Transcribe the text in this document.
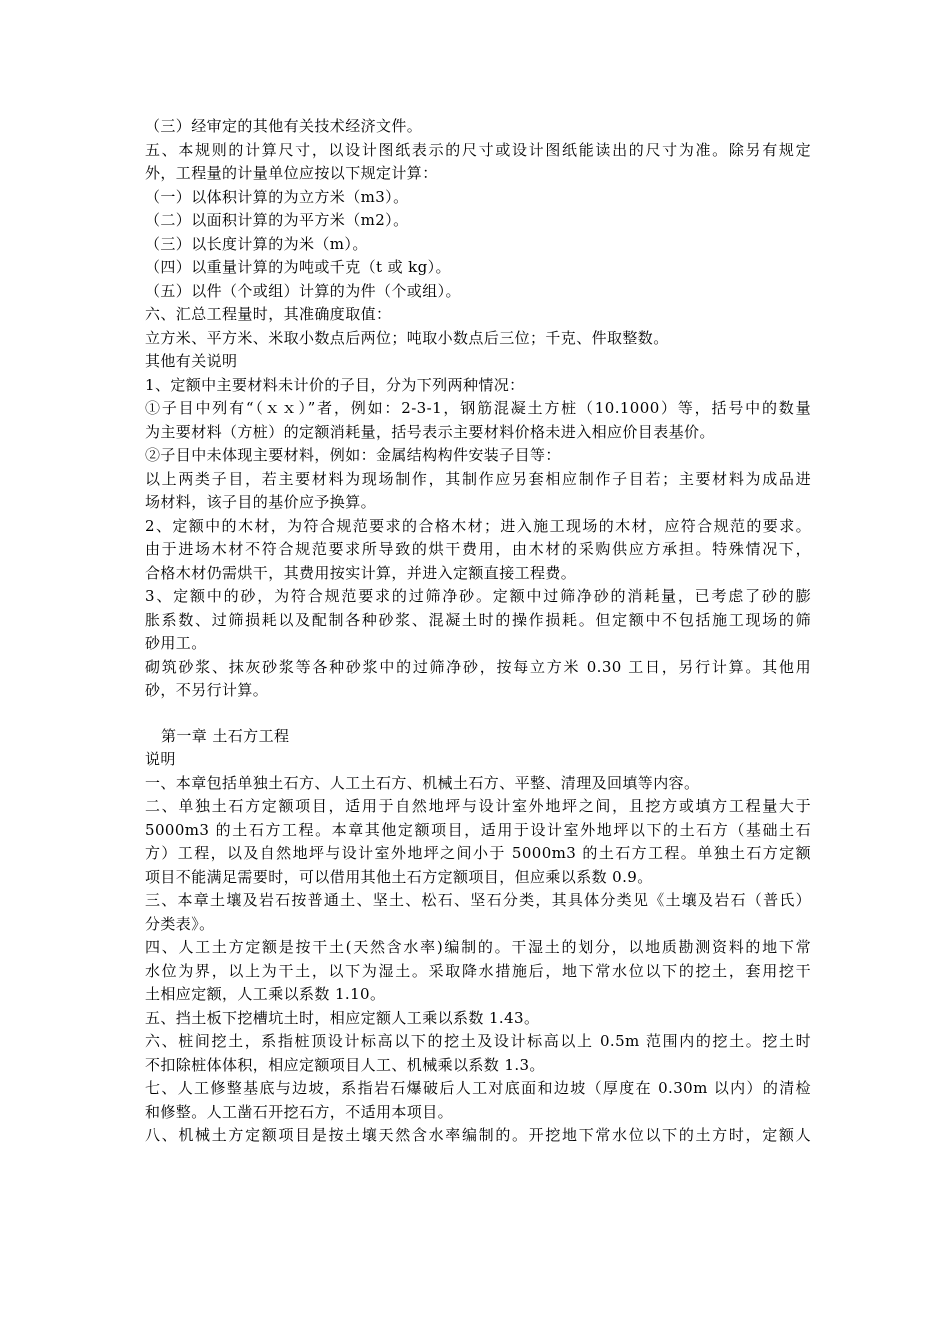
（三）经审定的其他有关技术经济文件。
五、本规则的计算尺寸，以设计图纸表示的尺寸或设计图纸能读出的尺寸为准。除另有规定
外，工程量的计量单位应按以下规定计算：
（一）以体积计算的为立方米（m3）。
（二）以面积计算的为平方米（m2）。
（三）以长度计算的为米（m）。
（四）以重量计算的为吨或千克（t 或 kg）。
（五）以件（个或组）计算的为件（个或组）。
六、汇总工程量时，其准确度取值：
立方米、平方米、米取小数点后两位；吨取小数点后三位；千克、件取整数。
其他有关说明
1、定额中主要材料未计价的子目，分为下列两种情况：
①子目中列有“（ｘｘ）”者，例如：2-3-1，钢筋混凝土方桩（10.1000）等，括号中的数量
为主要材料（方桩）的定额消耗量，括号表示主要材料价格未进入相应价目表基价。
②子目中未体现主要材料，例如：金属结构构件安装子目等：
以上两类子目，若主要材料为现场制作，其制作应另套相应制作子目若；主要材料为成品进
场材料，该子目的基价应予换算。
2、定额中的木材，为符合规范要求的合格木材；进入施工现场的木材，应符合规范的要求。
由于进场木材不符合规范要求所导致的烘干费用，由木材的采购供应方承担。特殊情况下，
合格木材仍需烘干，其费用按实计算，并进入定额直接工程费。
3、定额中的砂，为符合规范要求的过筛净砂。定额中过筛净砂的消耗量，已考虑了砂的膨
胀系数、过筛损耗以及配制各种砂浆、混凝土时的操作损耗。但定额中不包括施工现场的筛
砂用工。
砌筑砂浆、抹灰砂浆等各种砂浆中的过筛净砂，按每立方米 0.30 工日，另行计算。其他用
砂，不另行计算。
第一章 土石方工程
说明
一、本章包括单独土石方、人工土石方、机械土石方、平整、清理及回填等内容。
二、单独土石方定额项目，适用于自然地坪与设计室外地坪之间，且挖方或填方工程量大于
5000m3 的土石方工程。本章其他定额项目，适用于设计室外地坪以下的土石方（基础土石
方）工程，以及自然地坪与设计室外地坪之间小于 5000m3 的土石方工程。单独土石方定额
项目不能满足需要时，可以借用其他土石方定额项目，但应乘以系数 0.9。
三、本章土壤及岩石按普通土、坚土、松石、坚石分类，其具体分类见《土壤及岩石（普氏）
分类表》。
四、人工土方定额是按干土(天然含水率)编制的。干湿土的划分，以地质勘测资料的地下常
水位为界，以上为干土，以下为湿土。采取降水措施后，地下常水位以下的挖土，套用挖干
土相应定额，人工乘以系数 1.10。
五、挡土板下挖槽坑土时，相应定额人工乘以系数 1.43。
六、桩间挖土，系指桩顶设计标高以下的挖土及设计标高以上 0.5m 范围内的挖土。挖土时
不扣除桩体体积，相应定额项目人工、机械乘以系数 1.3。
七、人工修整基底与边坡，系指岩石爆破后人工对底面和边坡（厚度在 0.30m 以内）的清检
和修整。人工凿石开挖石方，不适用本项目。
八、机械土方定额项目是按土壤天然含水率编制的。开挖地下常水位以下的土方时，定额人
